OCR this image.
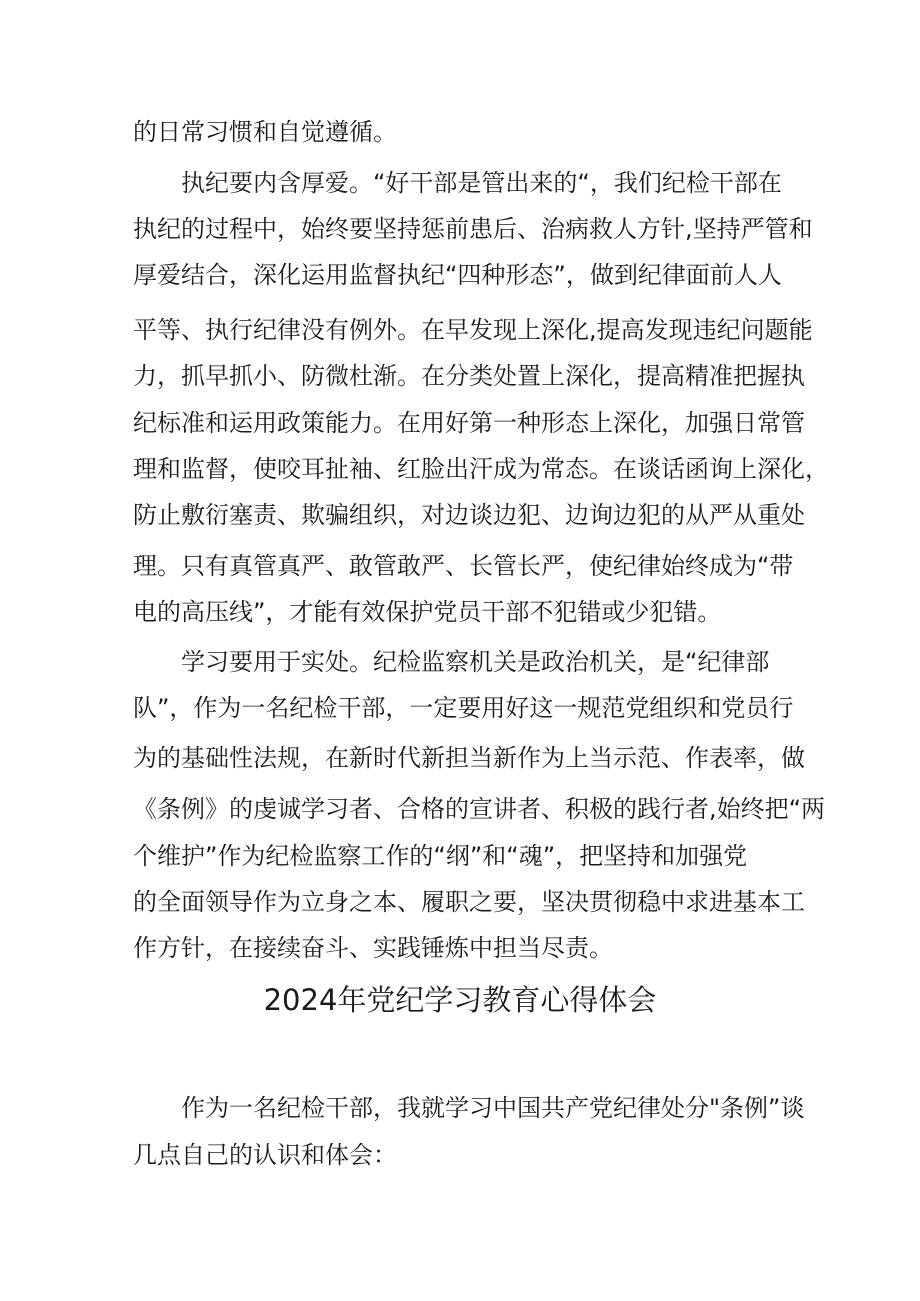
的日常习惯和自觉遵循。
执纪要内含厚爱。“好干部是管出来的“，我们纪检干部在
执纪的过程中，始终要坚持惩前患后、治病救人方针,坚持严管和
厚爱结合，深化运用监督执纪“四种形态”，做到纪律面前人人
平等、执行纪律没有例外。在早发现上深化,提高发现违纪问题能
力，抓早抓小、防微杜渐。在分类处置上深化，提高精准把握执
纪标准和运用政策能力。在用好第一种形态上深化，加强日常管
理和监督，使咬耳扯袖、红脸出汗成为常态。在谈话函询上深化，
防止敷衍塞责、欺骗组织，对边谈边犯、边询边犯的从严从重处
理。只有真管真严、敢管敢严、长管长严，使纪律始终成为“带
电的高压线”，才能有效保护党员干部不犯错或少犯错。
学习要用于实处。纪检监察机关是政治机关，是“纪律部
队”，作为一名纪检干部，一定要用好这一规范党组织和党员行
为的基础性法规，在新时代新担当新作为上当示范、作表率，做
《条例》的虔诚学习者、合格的宣讲者、积极的践行者,始终把“两
个维护”作为纪检监察工作的“纲”和“魂”，把坚持和加强党
的全面领导作为立身之本、履职之要，坚决贯彻稳中求进基本工
作方针，在接续奋斗、实践锤炼中担当尽责。
2024年党纪学习教育心得体会
作为一名纪检干部，我就学习中国共产党纪律处分"条例”谈
几点自己的认识和体会：
